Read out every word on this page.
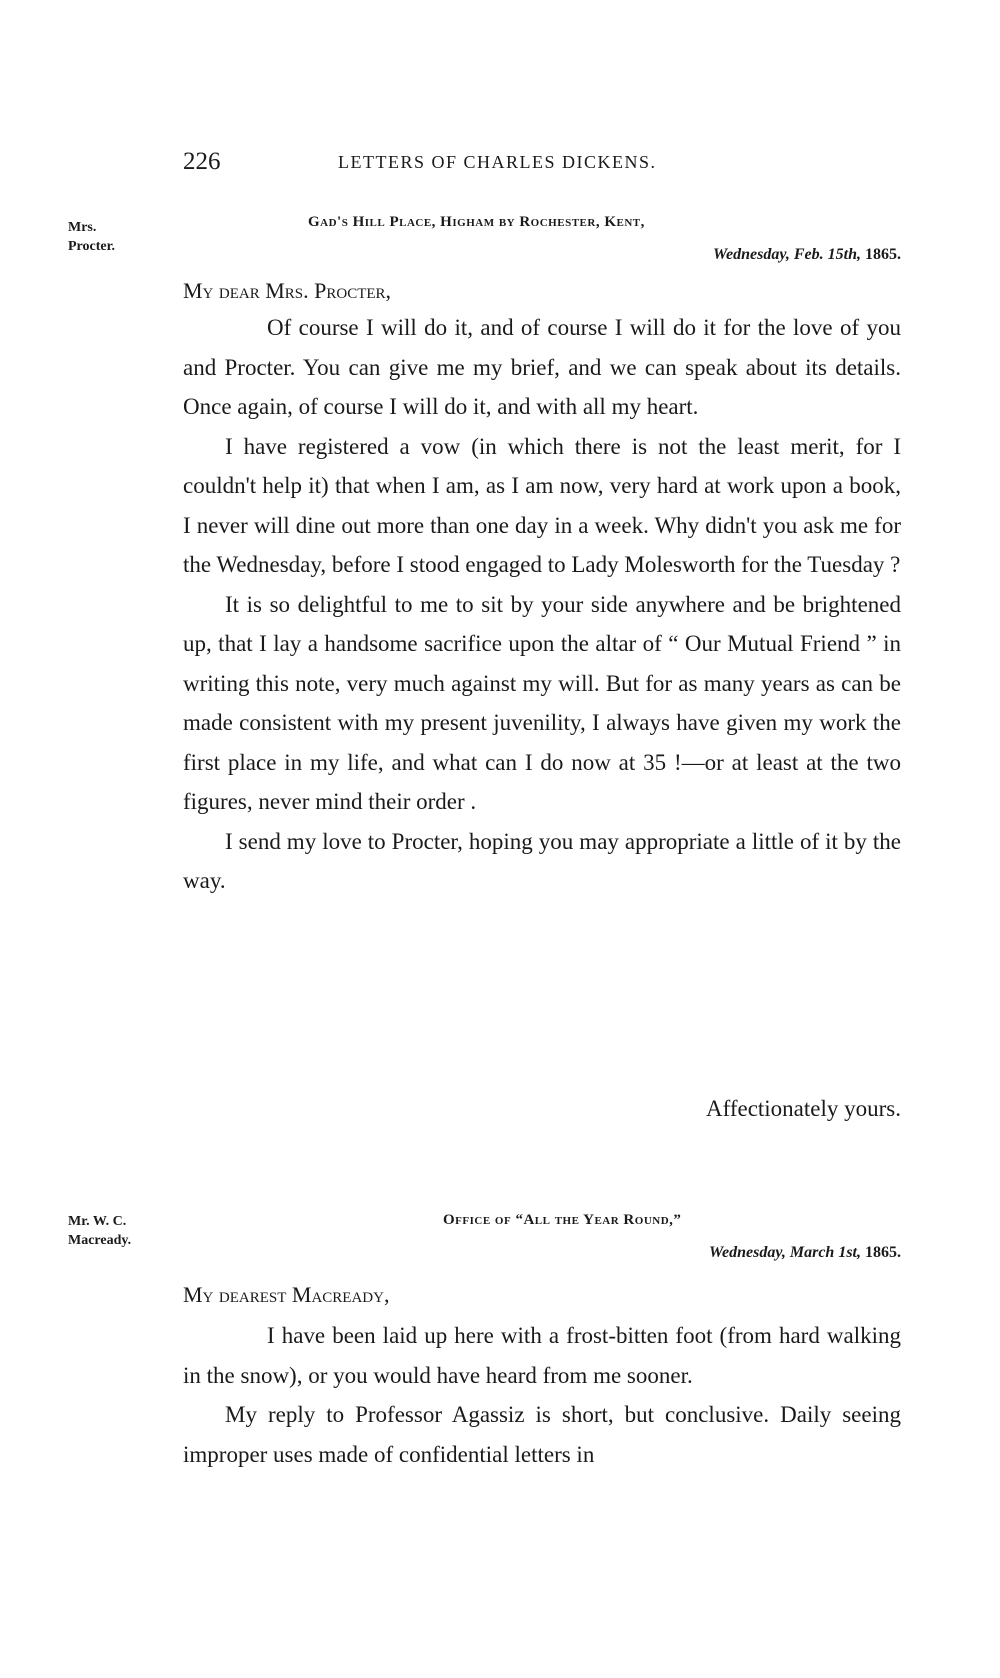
226	LETTERS OF CHARLES DICKENS.
Mrs.
Procter.
Gad's Hill Place, Higham by Rochester, Kent,
Wednesday, Feb. 15th, 1865.
My dear Mrs. Procter,

Of course I will do it, and of course I will do it for the love of you and Procter. You can give me my brief, and we can speak about its details. Once again, of course I will do it, and with all my heart.

I have registered a vow (in which there is not the least merit, for I couldn't help it) that when I am, as I am now, very hard at work upon a book, I never will dine out more than one day in a week. Why didn't you ask me for the Wednesday, before I stood engaged to Lady Molesworth for the Tuesday ?

It is so delightful to me to sit by your side anywhere and be brightened up, that I lay a handsome sacrifice upon the altar of “ Our Mutual Friend ” in writing this note, very much against my will. But for as many years as can be made consistent with my present juvenility, I always have given my work the first place in my life, and what can I do now at 35 !—or at least at the two figures, never mind their order .

I send my love to Procter, hoping you may appropriate a little of it by the way.

Affectionately yours.
Mr. W. C.
Macready.
Office of “All the Year Round,”
Wednesday, March 1st, 1865.
My dearest Macready,

I have been laid up here with a frost-bitten foot (from hard walking in the snow), or you would have heard from me sooner.

My reply to Professor Agassiz is short, but conclusive. Daily seeing improper uses made of confidential letters in
